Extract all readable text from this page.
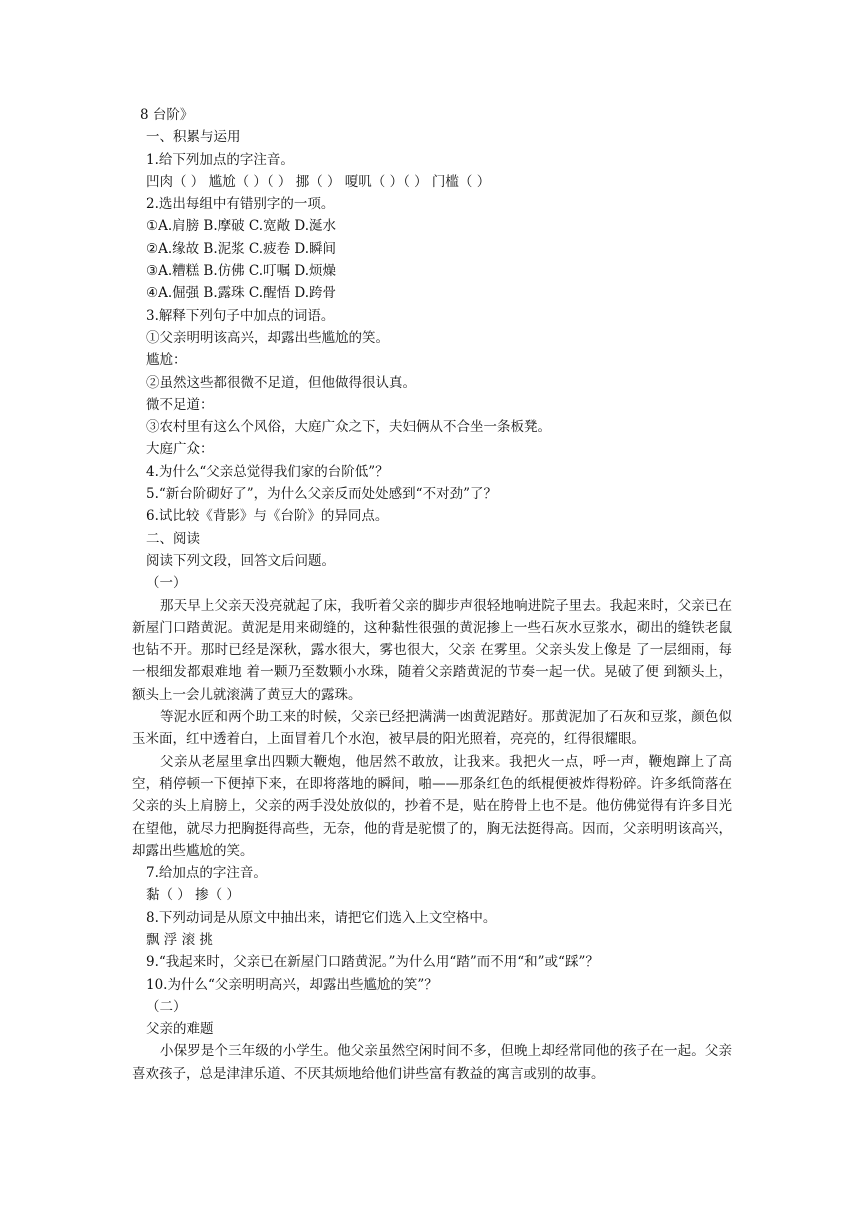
8 台阶》
一、积累与运用
1.给下列加点的字注音。
凹肉（ ） 尴尬（ ）（ ） 挪（ ） 嗄叽（ ）（ ） 门槛（ ）
2.选出每组中有错别字的一项。
①A.肩膀 B.摩破 C.宽敞 D.涎水
②A.缘故 B.泥浆 C.疲卷 D.瞬间
③A.糟糕 B.仿佛 C.叮嘱 D.烦燥
④A.倔强 B.露珠 C.醒悟 D.跨骨
3.解释下列句子中加点的词语。
①父亲明明该高兴，却露出些尴尬的笑。
尴尬：
②虽然这些都很微不足道，但他做得很认真。
微不足道：
③农村里有这么个风俗，大庭广众之下，夫妇俩从不合坐一条板凳。
大庭广众：
4.为什么“父亲总觉得我们家的台阶低”？
5.“新台阶砌好了”，为什么父亲反而处处感到“不对劲”了？
6.试比较《背影》与《台阶》的异同点。
二、阅读
阅读下列文段，回答文后问题。
（一）
那天早上父亲天没亮就起了床，我听着父亲的脚步声很轻地响进院子里去。我起来时，父亲已在新屋门口踏黄泥。黄泥是用来砌缝的，这种黏性很强的黄泥掺上一些石灰水豆浆水，砌出的缝铁老鼠也钻不开。那时已经是深秋，露水很大，雾也很大，父亲 在雾里。父亲头发上像是 了一层细雨，每一根细发都艰难地 着一颗乃至数颗小水珠，随着父亲踏黄泥的节奏一起一伏。晃破了便 到额头上，额头上一会儿就滚满了黄豆大的露珠。
等泥水匠和两个助工来的时候，父亲已经把满满一凼黄泥踏好。那黄泥加了石灰和豆浆，颜色似玉米面，红中透着白，上面冒着几个水泡，被早晨的阳光照着，亮亮的，红得很耀眼。
父亲从老屋里拿出四颗大鞭炮，他居然不敢放，让我来。我把火一点，呼一声，鞭炮蹿上了高空，稍停顿一下便掉下来，在即将落地的瞬间，啪——那条红色的纸棍便被炸得粉碎。许多纸筒落在父亲的头上肩膀上，父亲的两手没处放似的，抄着不是，贴在胯骨上也不是。他仿佛觉得有许多目光在望他，就尽力把胸挺得高些，无奈，他的背是驼惯了的，胸无法挺得高。因而，父亲明明该高兴，却露出些尴尬的笑。
7.给加点的字注音。
黏（ ） 掺（ ）
8.下列动词是从原文中抽出来，请把它们选入上文空格中。
飘 浮 滚 挑
9.“我起来时，父亲已在新屋门口踏黄泥。”为什么用“踏”而不用“和”或“踩”？
10.为什么“父亲明明高兴，却露出些尴尬的笑”？
（二）
父亲的难题
小保罗是个三年级的小学生。他父亲虽然空闲时间不多，但晚上却经常同他的孩子在一起。父亲喜欢孩子，总是津津乐道、不厌其烦地给他们讲些富有教益的寓言或别的故事。
